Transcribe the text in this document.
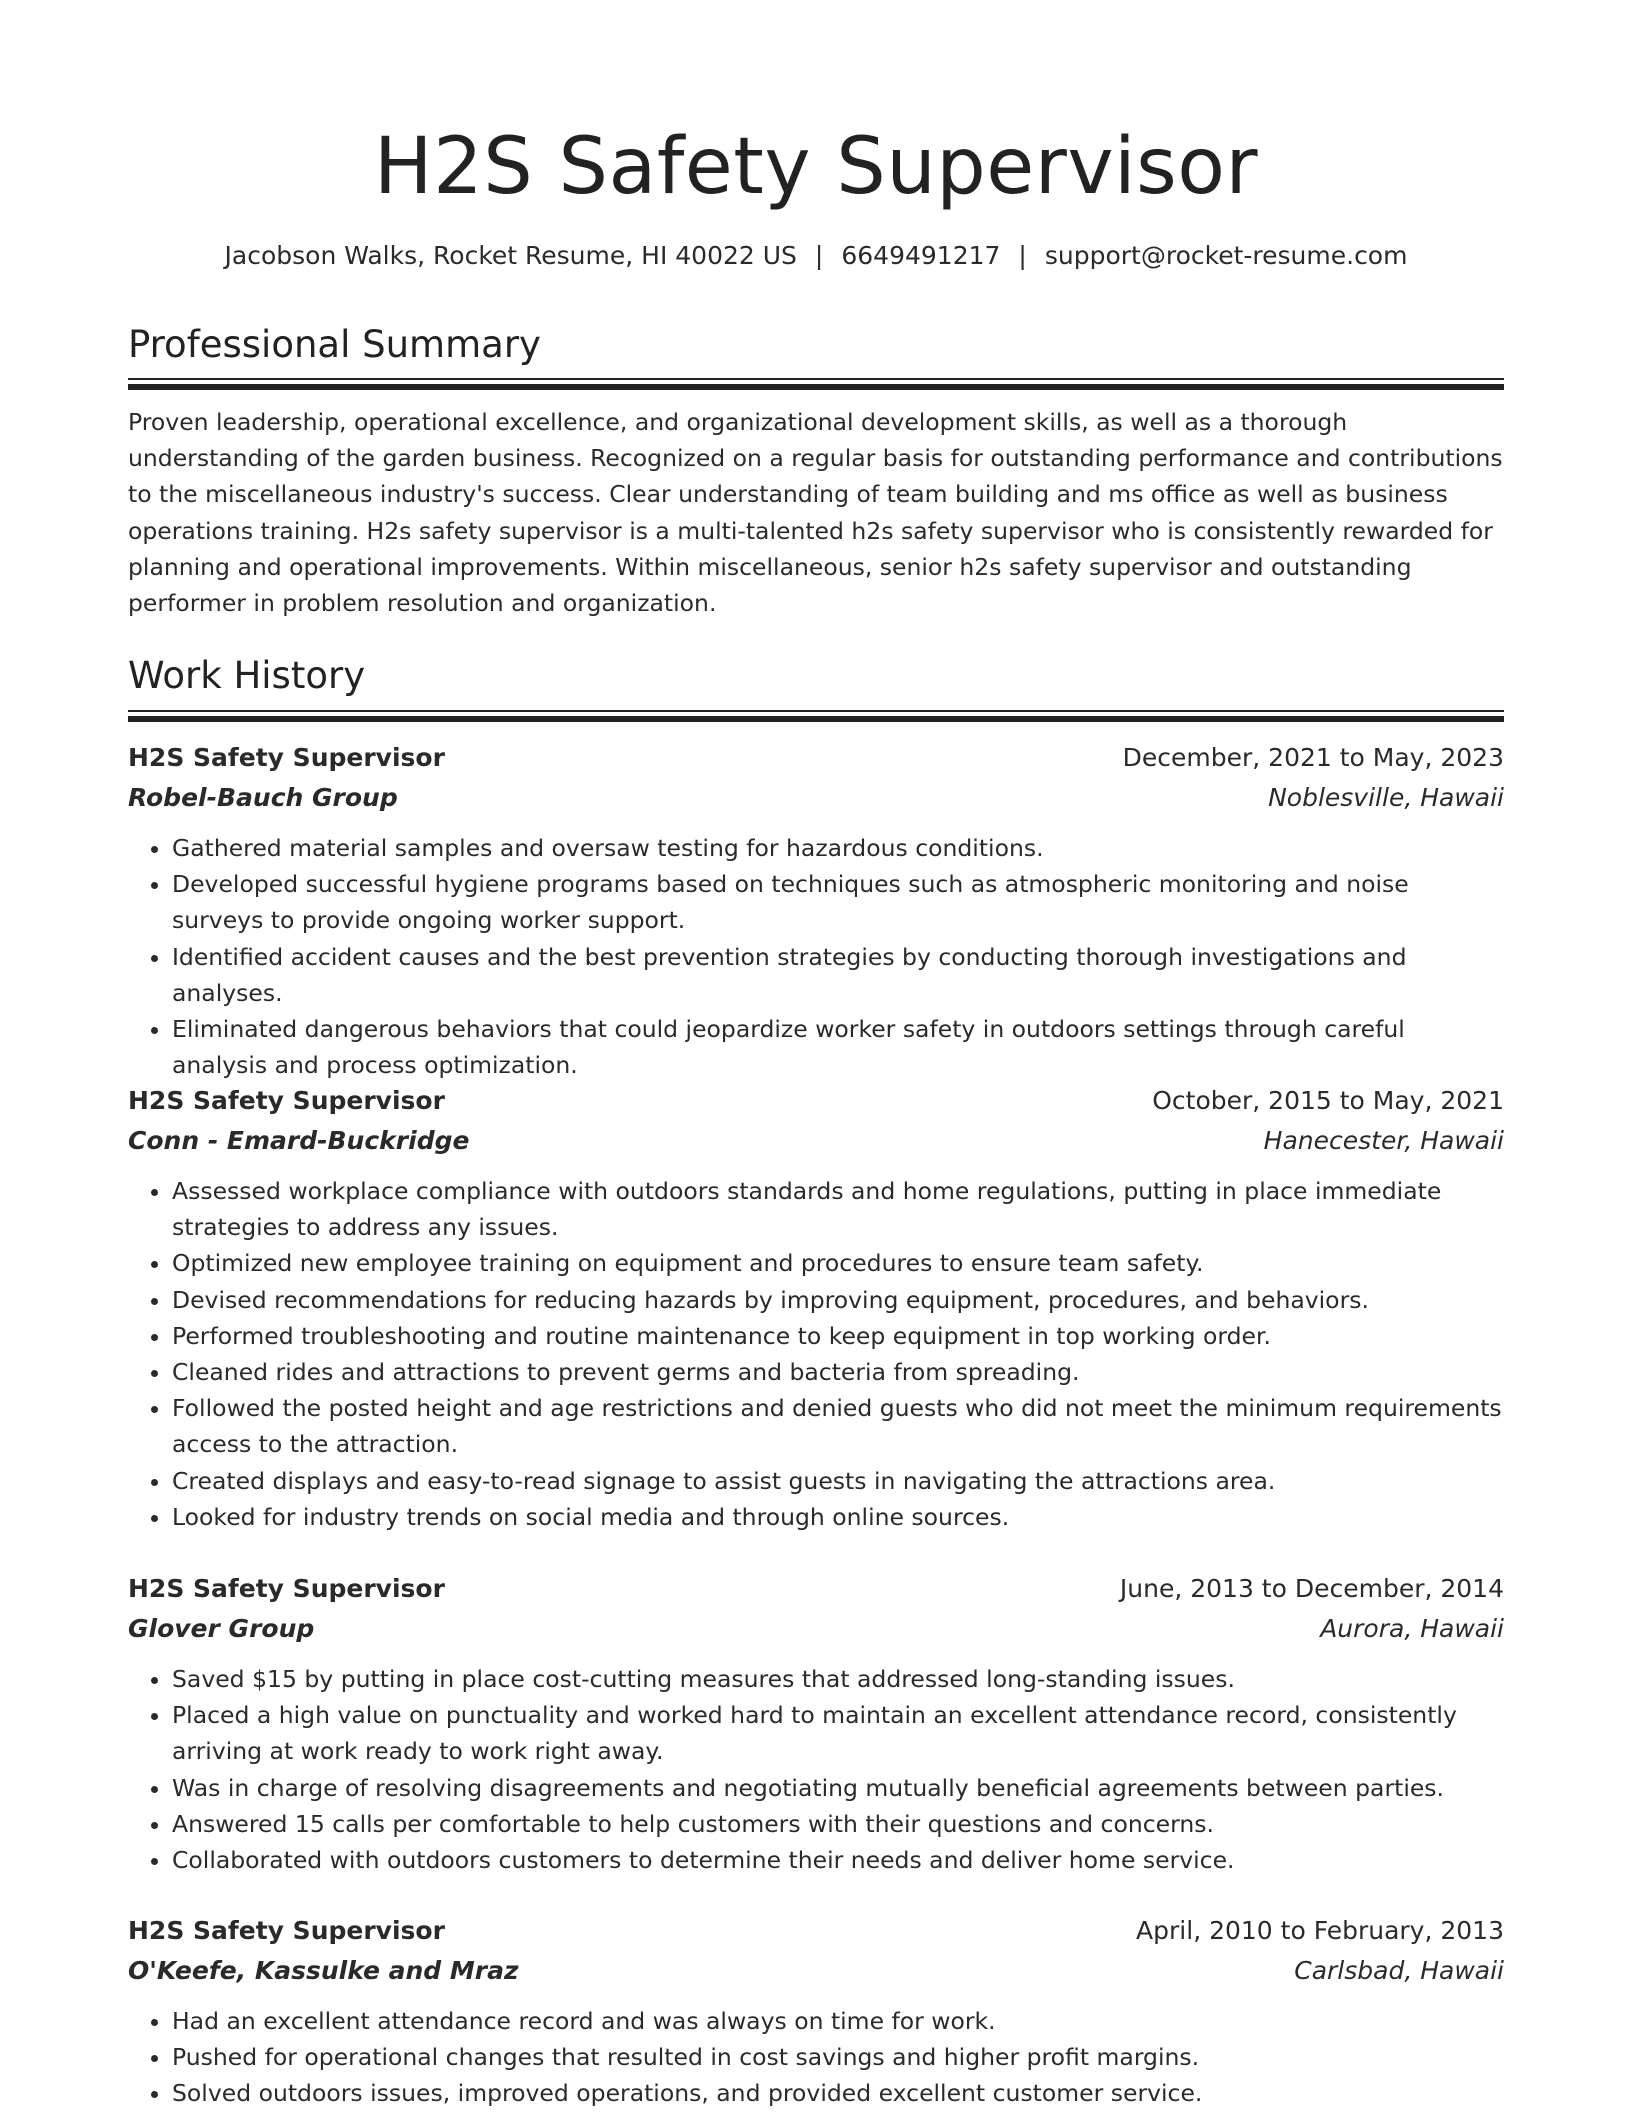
H2S Safety Supervisor
Jacobson Walks, Rocket Resume, HI 40022 US | 6649491217 | support@rocket-resume.com
Professional Summary

Proven leadership, operational excellence, and organizational development skills, as well as a thorough understanding of the garden business. Recognized on a regular basis for outstanding performance and contributions to the miscellaneous industry's success. Clear understanding of team building and ms office as well as business operations training. H2s safety supervisor is a multi-talented h2s safety supervisor who is consistently rewarded for planning and operational improvements. Within miscellaneous, senior h2s safety supervisor and outstanding performer in problem resolution and organization.

Work History
H2S Safety Supervisor	December, 2021 to May, 2023
Robel-Bauch Group	Noblesville, Hawaii
• Gathered material samples and oversaw testing for hazardous conditions.
• Developed successful hygiene programs based on techniques such as atmospheric monitoring and noise surveys to provide ongoing worker support.
• Identified accident causes and the best prevention strategies by conducting thorough investigations and analyses.
• Eliminated dangerous behaviors that could jeopardize worker safety in outdoors settings through careful analysis and process optimization.
H2S Safety Supervisor	October, 2015 to May, 2021
Conn - Emard-Buckridge	Hanecester, Hawaii
• Assessed workplace compliance with outdoors standards and home regulations, putting in place immediate strategies to address any issues.
• Optimized new employee training on equipment and procedures to ensure team safety.
• Devised recommendations for reducing hazards by improving equipment, procedures, and behaviors.
• Performed troubleshooting and routine maintenance to keep equipment in top working order.
• Cleaned rides and attractions to prevent germs and bacteria from spreading.
• Followed the posted height and age restrictions and denied guests who did not meet the minimum requirements access to the attraction.
• Created displays and easy-to-read signage to assist guests in navigating the attractions area.
• Looked for industry trends on social media and through online sources.
H2S Safety Supervisor	June, 2013 to December, 2014
Glover Group	Aurora, Hawaii
• Saved $15 by putting in place cost-cutting measures that addressed long-standing issues.
• Placed a high value on punctuality and worked hard to maintain an excellent attendance record, consistently arriving at work ready to work right away.
• Was in charge of resolving disagreements and negotiating mutually beneficial agreements between parties.
• Answered 15 calls per comfortable to help customers with their questions and concerns.
• Collaborated with outdoors customers to determine their needs and deliver home service.
H2S Safety Supervisor	April, 2010 to February, 2013
O'Keefe, Kassulke and Mraz	Carlsbad, Hawaii
• Had an excellent attendance record and was always on time for work.
• Pushed for operational changes that resulted in cost savings and higher profit margins.
• Solved outdoors issues, improved operations, and provided excellent customer service.
